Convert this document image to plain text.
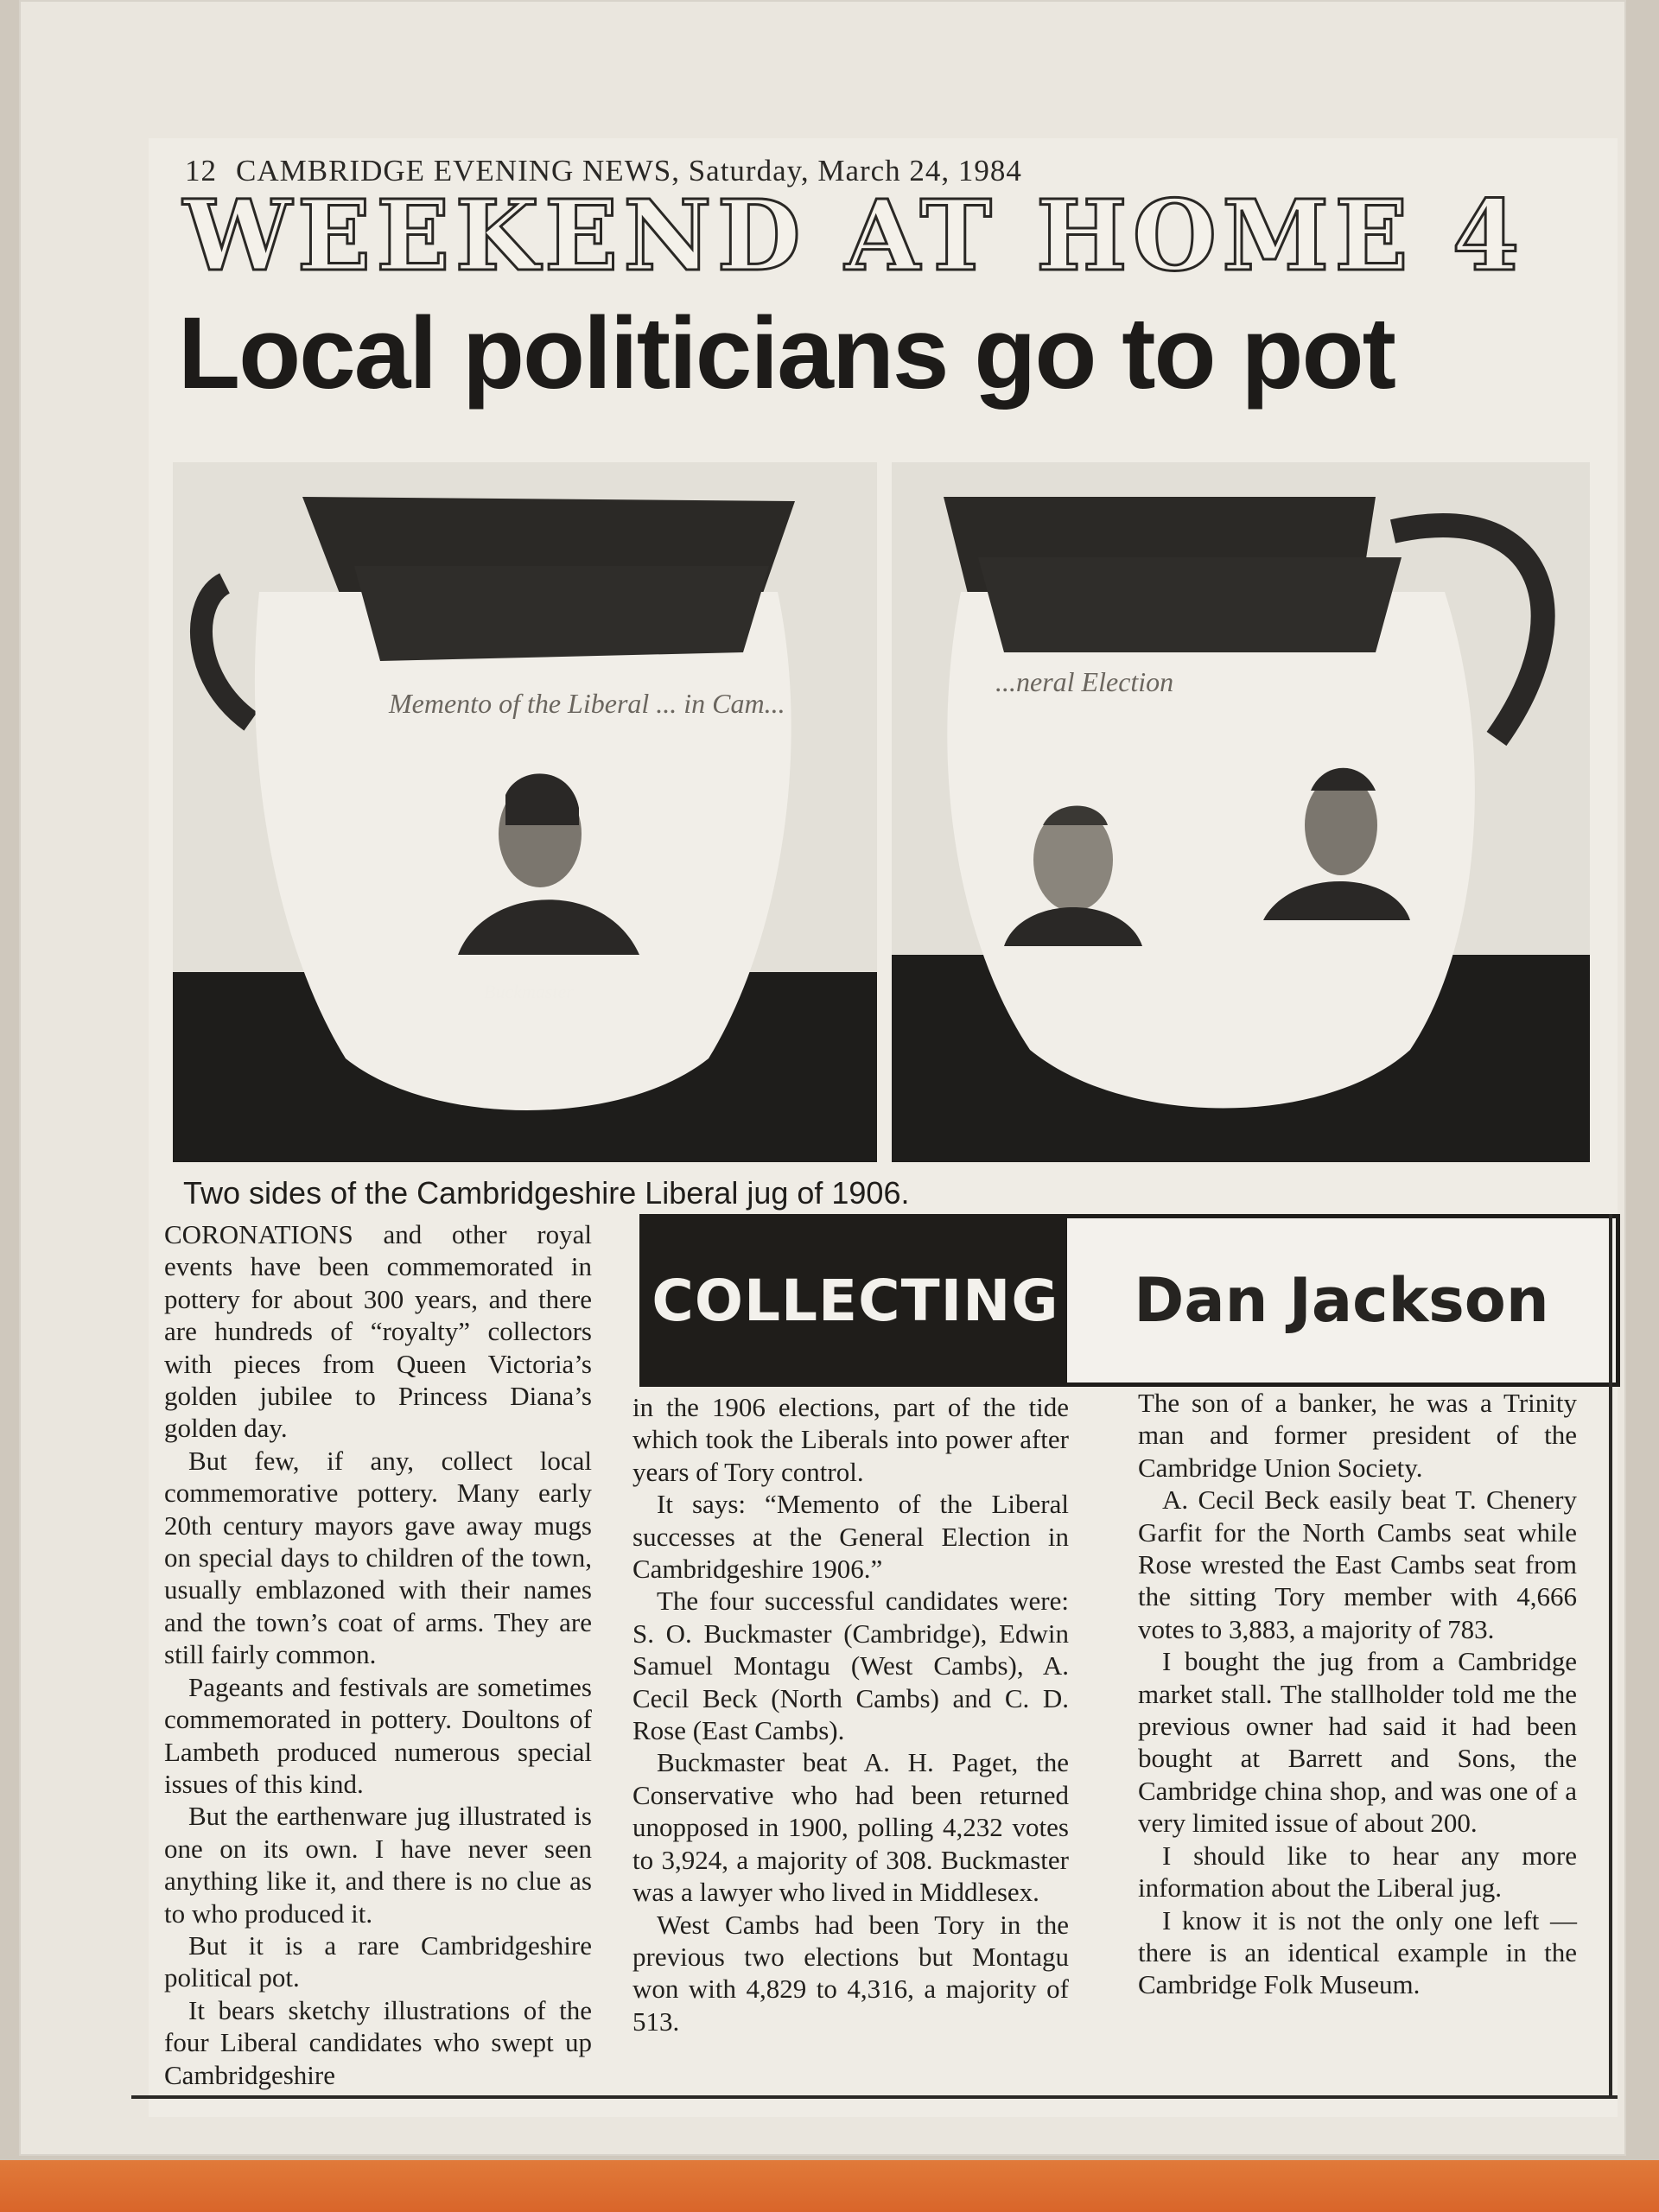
12 CAMBRIDGE EVENING NEWS, Saturday, March 24, 1984
WEEKEND AT HOME 4
Local politicians go to pot
Memento of the Liberal ... in Cam...
Buckmaster
...neral Election
Two sides of the Cambridgeshire Liberal jug of 1906.

CORONATIONS and other royal events have been commemorated in pottery for about 300 years, and there are hundreds of “royalty” collectors with pieces from Queen Victoria’s golden jubilee to Princess Diana’s golden day.

But few, if any, collect local commemorative pottery. Many early 20th century mayors gave away mugs on special days to children of the town, usually emblazoned with their names and the town’s coat of arms. They are still fairly common.

Pageants and festivals are sometimes commemorated in pottery. Doultons of Lambeth produced numerous special issues of this kind.

But the earthenware jug illustrated is one on its own. I have never seen anything like it, and there is no clue as to who produced it.

But it is a rare Cambridgeshire political pot.

It bears sketchy illustrations of the four Liberal candidates who swept up Cambridgeshire

COLLECTING	Dan Jackson

in the 1906 elections, part of the tide which took the Liberals into power after years of Tory control.

It says: “Memento of the Liberal successes at the General Election in Cambridgeshire 1906.”

The four successful candidates were: S. O. Buckmaster (Cambridge), Edwin Samuel Montagu (West Cambs), A. Cecil Beck (North Cambs) and C. D. Rose (East Cambs).

Buckmaster beat A. H. Paget, the Conservative who had been returned unopposed in 1900, polling 4,232 votes to 3,924, a majority of 308. Buckmaster was a lawyer who lived in Middlesex.

West Cambs had been Tory in the previous two elections but Montagu won with 4,829 to 4,316, a majority of 513.

The son of a banker, he was a Trinity man and former president of the Cambridge Union Society.

A. Cecil Beck easily beat T. Chenery Garfit for the North Cambs seat while Rose wrested the East Cambs seat from the sitting Tory member with 4,666 votes to 3,883, a majority of 783.

I bought the jug from a Cambridge market stall. The stallholder told me the previous owner had said it had been bought at Barrett and Sons, the Cambridge china shop, and was one of a very limited issue of about 200.

I should like to hear any more information about the Liberal jug.

I know it is not the only one left — there is an identical example in the Cambridge Folk Museum.
